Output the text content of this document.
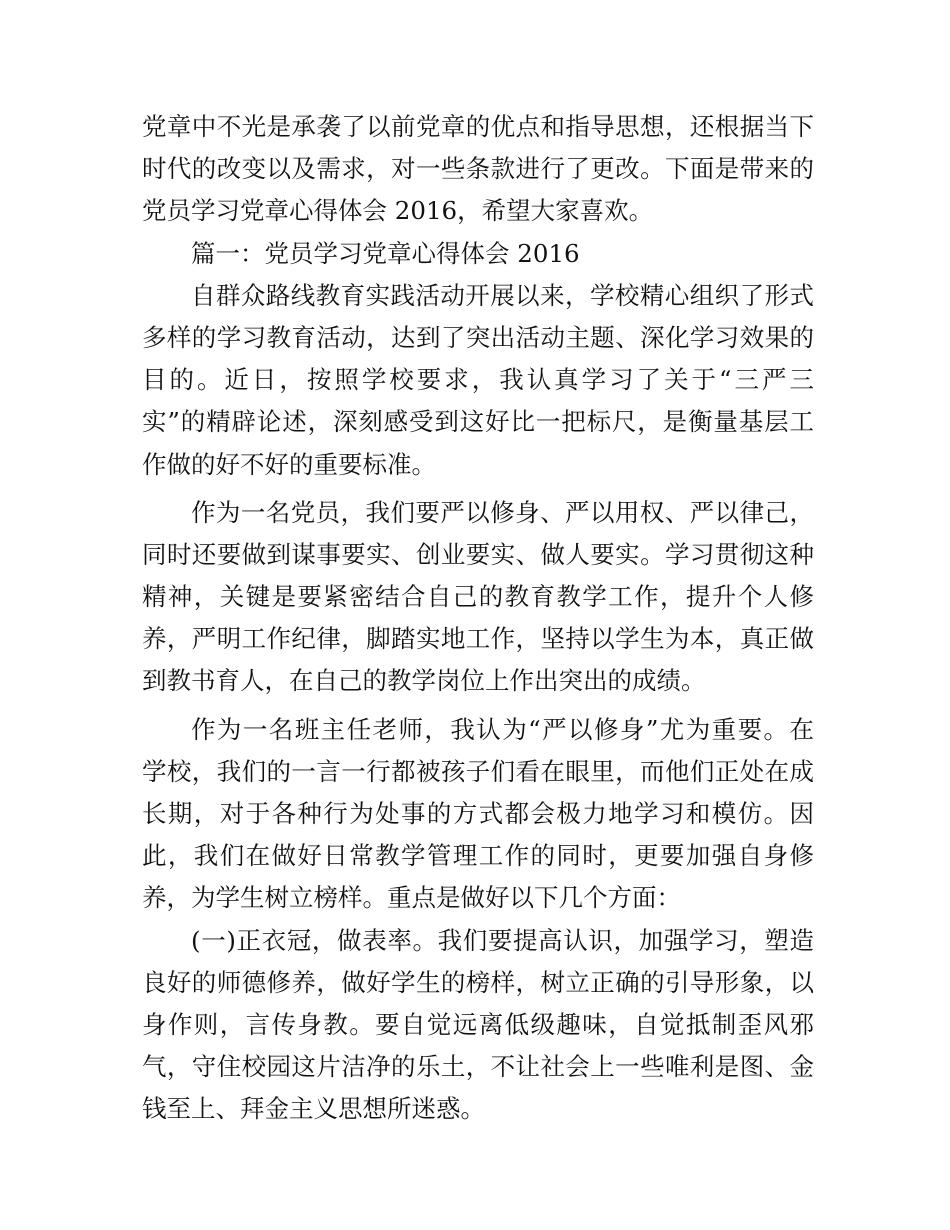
党章中不光是承袭了以前党章的优点和指导思想，还根据当下
时代的改变以及需求，对一些条款进行了更改。下面是带来的
党员学习党章心得体会 2016，希望大家喜欢。
篇一：党员学习党章心得体会 2016
自群众路线教育实践活动开展以来，学校精心组织了形式
多样的学习教育活动，达到了突出活动主题、深化学习效果的
目的。近日，按照学校要求，我认真学习了关于“三严三
实”的精辟论述，深刻感受到这好比一把标尺，是衡量基层工
作做的好不好的重要标准。
作为一名党员，我们要严以修身、严以用权、严以律己，
同时还要做到谋事要实、创业要实、做人要实。学习贯彻这种
精神，关键是要紧密结合自己的教育教学工作，提升个人修
养，严明工作纪律，脚踏实地工作，坚持以学生为本，真正做
到教书育人，在自己的教学岗位上作出突出的成绩。
作为一名班主任老师，我认为“严以修身”尤为重要。在
学校，我们的一言一行都被孩子们看在眼里，而他们正处在成
长期，对于各种行为处事的方式都会极力地学习和模仿。因
此，我们在做好日常教学管理工作的同时，更要加强自身修
养，为学生树立榜样。重点是做好以下几个方面：
(一)正衣冠，做表率。我们要提高认识，加强学习，塑造
良好的师德修养，做好学生的榜样，树立正确的引导形象，以
身作则，言传身教。要自觉远离低级趣味，自觉抵制歪风邪
气，守住校园这片洁净的乐土，不让社会上一些唯利是图、金
钱至上、拜金主义思想所迷惑。
